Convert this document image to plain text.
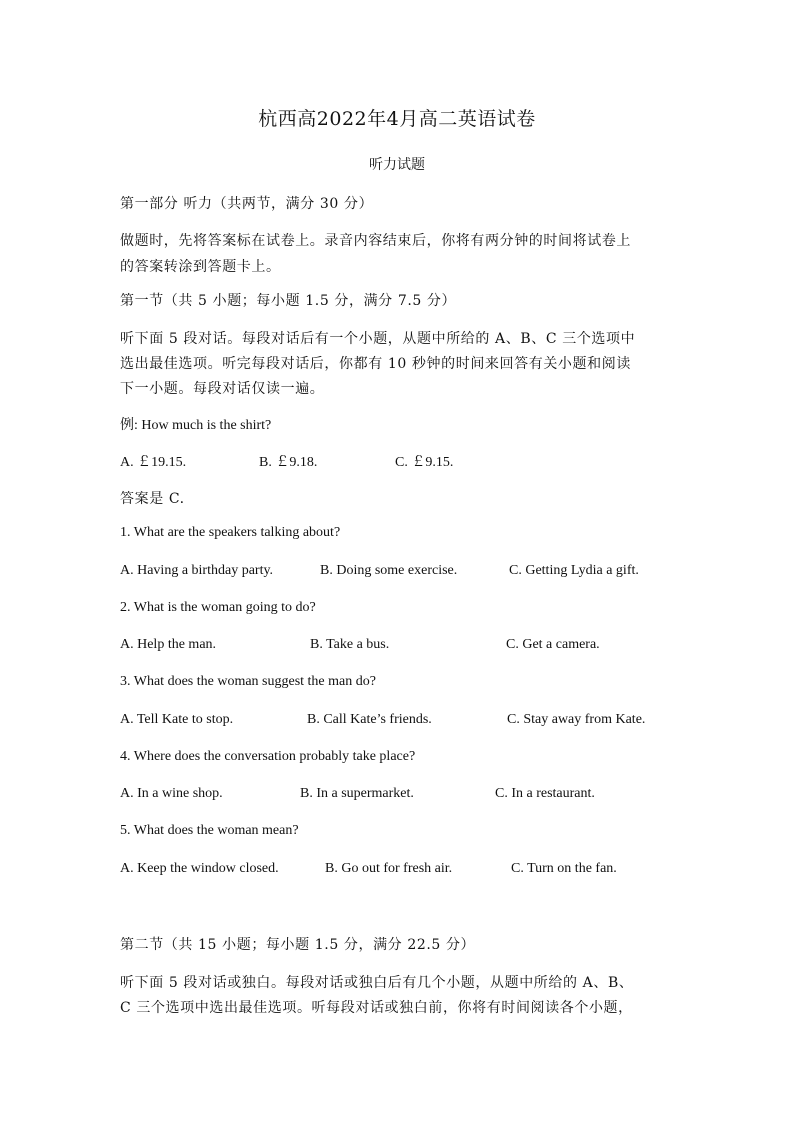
杭西高2022年4月高二英语试卷
听力试题
第一部分 听力（共两节，满分 30 分）
做题时，先将答案标在试卷上。录音内容结束后，你将有两分钟的时间将试卷上
的答案转涂到答题卡上。
第一节（共 5 小题；每小题 1.5 分，满分 7.5 分）
听下面 5 段对话。每段对话后有一个小题，从题中所给的 A、B、C 三个选项中
选出最佳选项。听完每段对话后，你都有 10 秒钟的时间来回答有关小题和阅读
下一小题。每段对话仅读一遍。
例: How much is the shirt?
A. ￡19.15.	B. ￡9.18.	C. ￡9.15.
答案是 C.
1. What are the speakers talking about?
A. Having a birthday party.	B. Doing some exercise.	C. Getting Lydia a gift.
2. What is the woman going to do?
A. Help the man.	B. Take a bus.	C. Get a camera.
3. What does the woman suggest the man do?
A. Tell Kate to stop.	B. Call Kate’s friends.	C. Stay away from Kate.
4. Where does the conversation probably take place?
A. In a wine shop.	B. In a supermarket.	C. In a restaurant.
5. What does the woman mean?
A. Keep the window closed.	B. Go out for fresh air.	C. Turn on the fan.
第二节（共 15 小题；每小题 1.5 分，满分 22.5 分）
听下面 5 段对话或独白。每段对话或独白后有几个小题，从题中所给的 A、B、
C 三个选项中选出最佳选项。听每段对话或独白前，你将有时间阅读各个小题，
